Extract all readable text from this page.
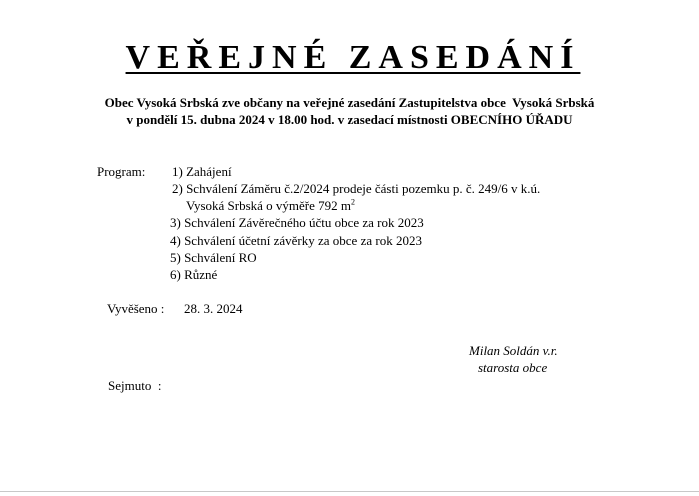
VEŘEJNÉ ZASEDÁNÍ
Obec Vysoká Srbská zve občany na veřejné zasedání Zastupitelstva obce  Vysoká Srbská
v pondělí 15. dubna 2024 v 18.00 hod. v zasedací místnosti OBECNÍHO ÚŘADU
Program: 1) Zahájení
2) Schválení Záměru č.2/2024 prodeje části pozemku p. č. 249/6 v k.ú.
Vysoká Srbská o výměře 792 $m^2$
3) Schválení Závěrečného účtu obce za rok 2023
4) Schválení účetní závěrky za obce za rok 2023
5) Schválení RO
6) Různé
Vyvěšeno : 28. 3. 2024
Milan Soldán v.r.
starosta obce
Sejmuto  :
